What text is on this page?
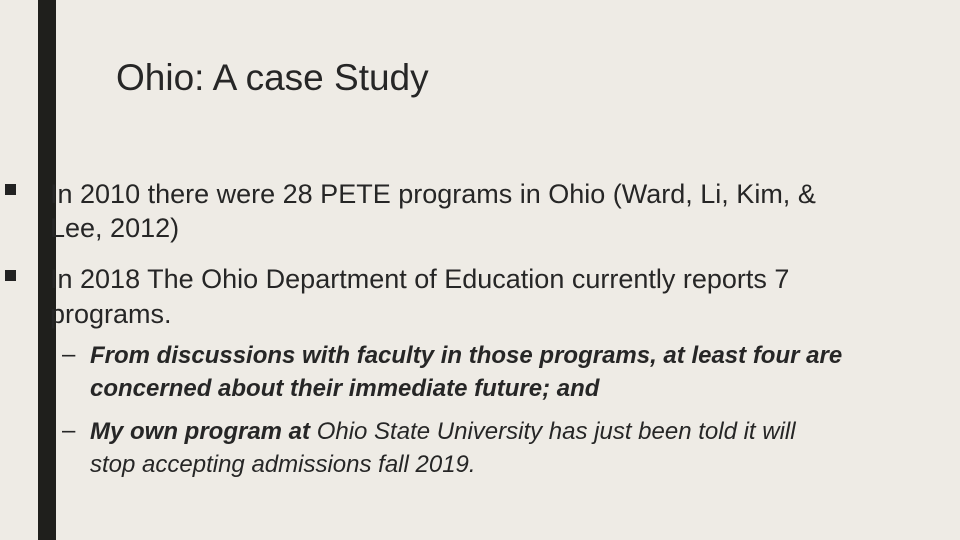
Ohio: A case Study

In 2010 there were 28 PETE programs in Ohio (Ward, Li, Kim, &

Lee, 2012)

In 2018 The Ohio Department of Education currently reports 7

programs.

– From discussions with faculty in those programs, at least four are

concerned about their immediate future; and

– My own program at Ohio State University has just been told it will

stop accepting admissions fall 2019.
